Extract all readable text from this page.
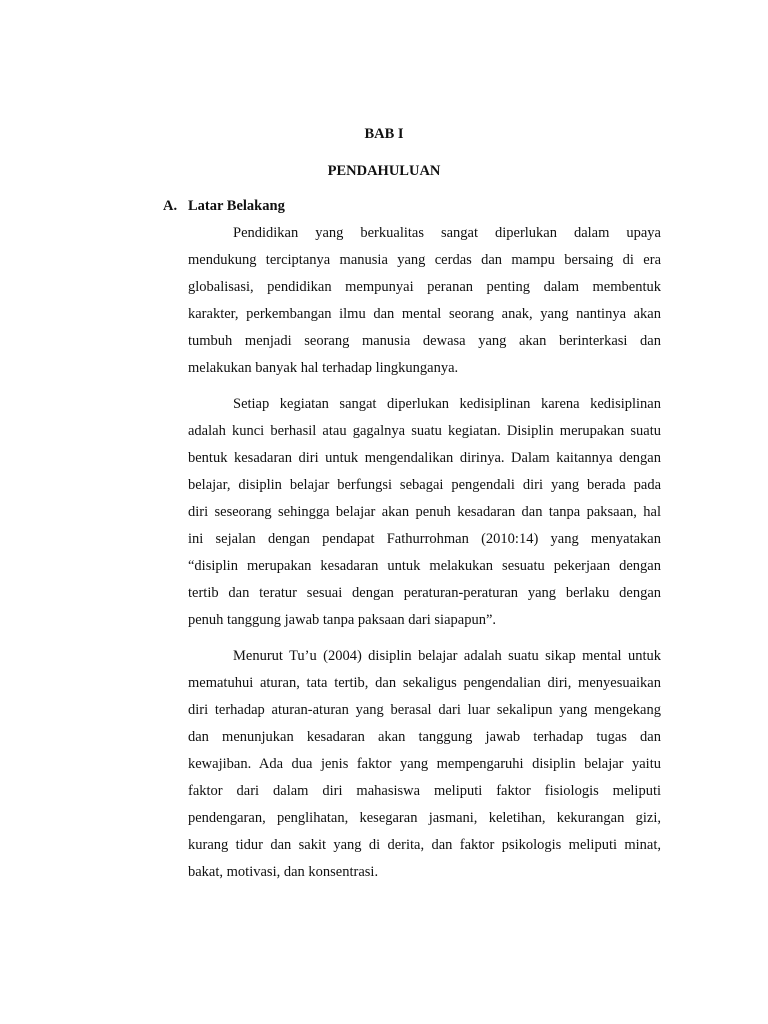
BAB I
PENDAHULUAN
A. Latar Belakang
Pendidikan yang berkualitas sangat diperlukan dalam upaya
mendukung terciptanya manusia yang cerdas dan mampu bersaing di era
globalisasi, pendidikan mempunyai peranan penting dalam membentuk
karakter, perkembangan ilmu dan mental seorang anak, yang nantinya akan
tumbuh menjadi seorang manusia dewasa yang akan berinterkasi dan
melakukan banyak hal terhadap lingkunganya.
Setiap kegiatan sangat diperlukan kedisiplinan karena kedisiplinan
adalah kunci berhasil atau gagalnya suatu kegiatan. Disiplin merupakan suatu
bentuk kesadaran diri untuk mengendalikan dirinya. Dalam kaitannya dengan
belajar, disiplin belajar berfungsi sebagai pengendali diri yang berada pada
diri seseorang sehingga belajar akan penuh kesadaran dan tanpa paksaan, hal
ini sejalan dengan pendapat Fathurrohman (2010:14) yang menyatakan
“disiplin merupakan kesadaran untuk melakukan sesuatu pekerjaan dengan
tertib dan teratur sesuai dengan peraturan-peraturan yang berlaku dengan
penuh tanggung jawab tanpa paksaan dari siapapun”.
Menurut Tu’u (2004) disiplin belajar adalah suatu sikap mental untuk
mematuhui aturan, tata tertib, dan sekaligus pengendalian diri, menyesuaikan
diri terhadap aturan-aturan yang berasal dari luar sekalipun yang mengekang
dan menunjukan kesadaran akan tanggung jawab terhadap tugas dan
kewajiban. Ada dua jenis faktor yang mempengaruhi disiplin belajar yaitu
faktor dari dalam diri mahasiswa meliputi faktor fisiologis meliputi
pendengaran, penglihatan, kesegaran jasmani, keletihan, kekurangan gizi,
kurang tidur dan sakit yang di derita, dan faktor psikologis meliputi minat,
bakat, motivasi, dan konsentrasi.
